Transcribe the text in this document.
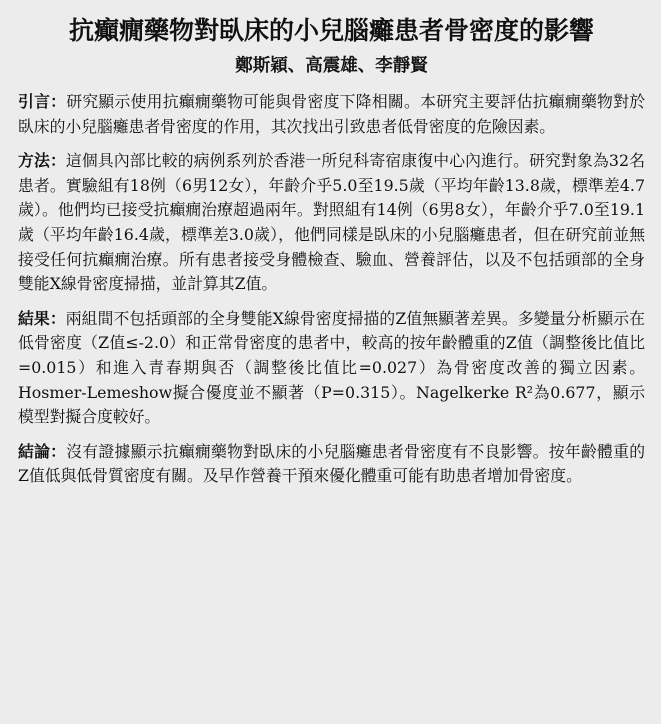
抗癲癇藥物對臥床的小兒腦癱患者骨密度的影響
鄭斯穎、高震雄、李靜賢

引言：研究顯示使用抗癲癇藥物可能與骨密度下降相關。本研究主要評估抗癲癇藥物對於臥床的小兒腦癱患者骨密度的作用，其次找出引致患者低骨密度的危險因素。

方法：這個具內部比較的病例系列於香港一所兒科寄宿康復中心內進行。研究對象為32名患者。實驗組有18例（6男12女），年齡介乎5.0至19.5歲（平均年齡13.8歲，標準差4.7歲）。他們均已接受抗癲癇治療超過兩年。對照組有14例（6男8女），年齡介乎7.0至19.1歲（平均年齡16.4歲，標準差3.0歲），他們同樣是臥床的小兒腦癱患者，但在研究前並無接受任何抗癲癇治療。所有患者接受身體檢查、驗血、營養評估，以及不包括頭部的全身雙能X線骨密度掃描，並計算其Z值。

結果：兩組間不包括頭部的全身雙能X線骨密度掃描的Z值無顯著差異。多變量分析顯示在低骨密度（Z值≤-2.0）和正常骨密度的患者中，較高的按年齡體重的Z值（調整後比值比=0.015）和進入青春期與否（調整後比值比=0.027）為骨密度改善的獨立因素。Hosmer-Lemeshow擬合優度並不顯著（P=0.315）。Nagelkerke R²為0.677，顯示模型對擬合度較好。

結論：沒有證據顯示抗癲癇藥物對臥床的小兒腦癱患者骨密度有不良影響。按年齡體重的Z值低與低骨質密度有關。及早作營養干預來優化體重可能有助患者增加骨密度。
